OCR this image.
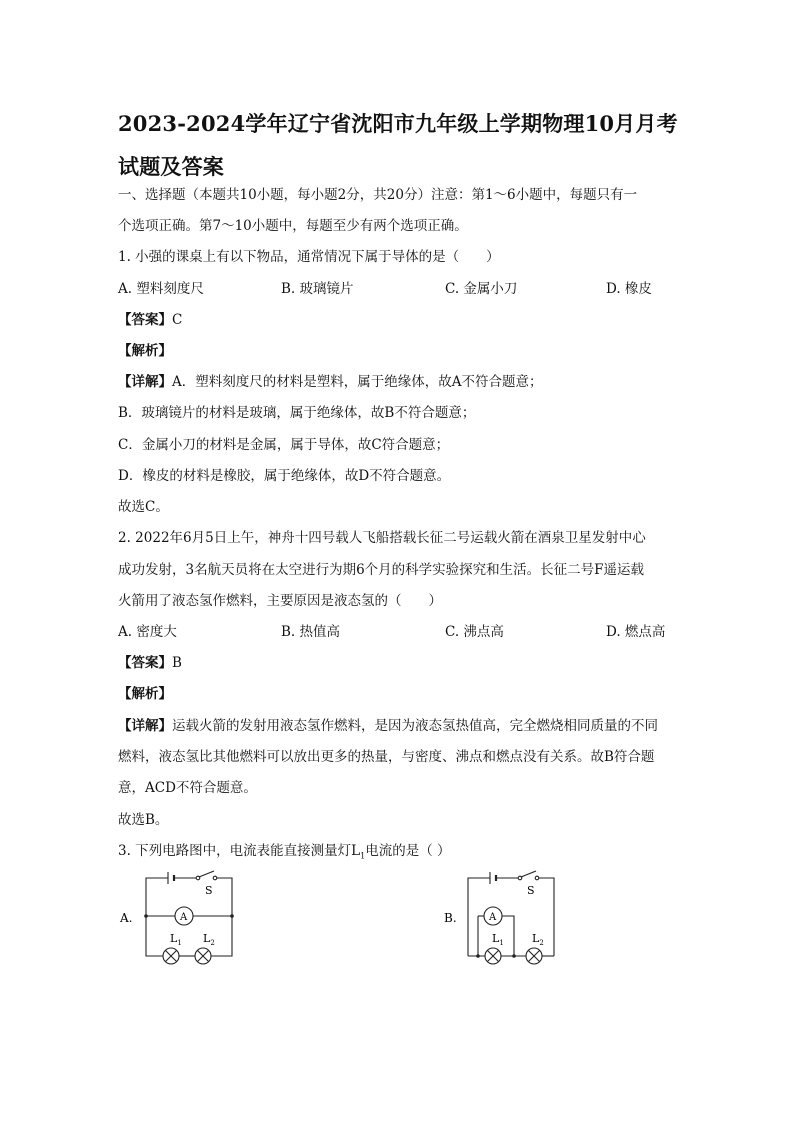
2023-2024学年辽宁省沈阳市九年级上学期物理10月月考
试题及答案
一、选择题（本题共10小题，每小题2分，共20分）注意：第1～6小题中，每题只有一
个选项正确。第7～10小题中，每题至少有两个选项正确。
1. 小强的课桌上有以下物品，通常情况下属于导体的是（　　）
A. 塑料刻度尺	B. 玻璃镜片	C. 金属小刀	D. 橡皮
【答案】C
【解析】
【详解】A．塑料刻度尺的材料是塑料，属于绝缘体，故A不符合题意；
B．玻璃镜片的材料是玻璃，属于绝缘体，故B不符合题意；
C．金属小刀的材料是金属，属于导体，故C符合题意；
D．橡皮的材料是橡胶，属于绝缘体，故D不符合题意。
故选C。
2. 2022年6月5日上午，神舟十四号载人飞船搭载长征二号运载火箭在酒泉卫星发射中心
成功发射，3名航天员将在太空进行为期6个月的科学实验探究和生活。长征二号F遥运载
火箭用了液态氢作燃料，主要原因是液态氢的（　　）
A. 密度大	B. 热值高	C. 沸点高	D. 燃点高
【答案】B
【解析】
【详解】运载火箭的发射用液态氢作燃料，是因为液态氢热值高，完全燃烧相同质量的不同
燃料，液态氢比其他燃料可以放出更多的热量，与密度、沸点和燃点没有关系。故B符合题
意，ACD不符合题意。
故选B。
3. 下列电路图中，电流表能直接测量灯$L_1$电流的是（ ）
A.
S
A
$L_1$ $L_2$
B.
S
A
$L_1$	$L_2$
